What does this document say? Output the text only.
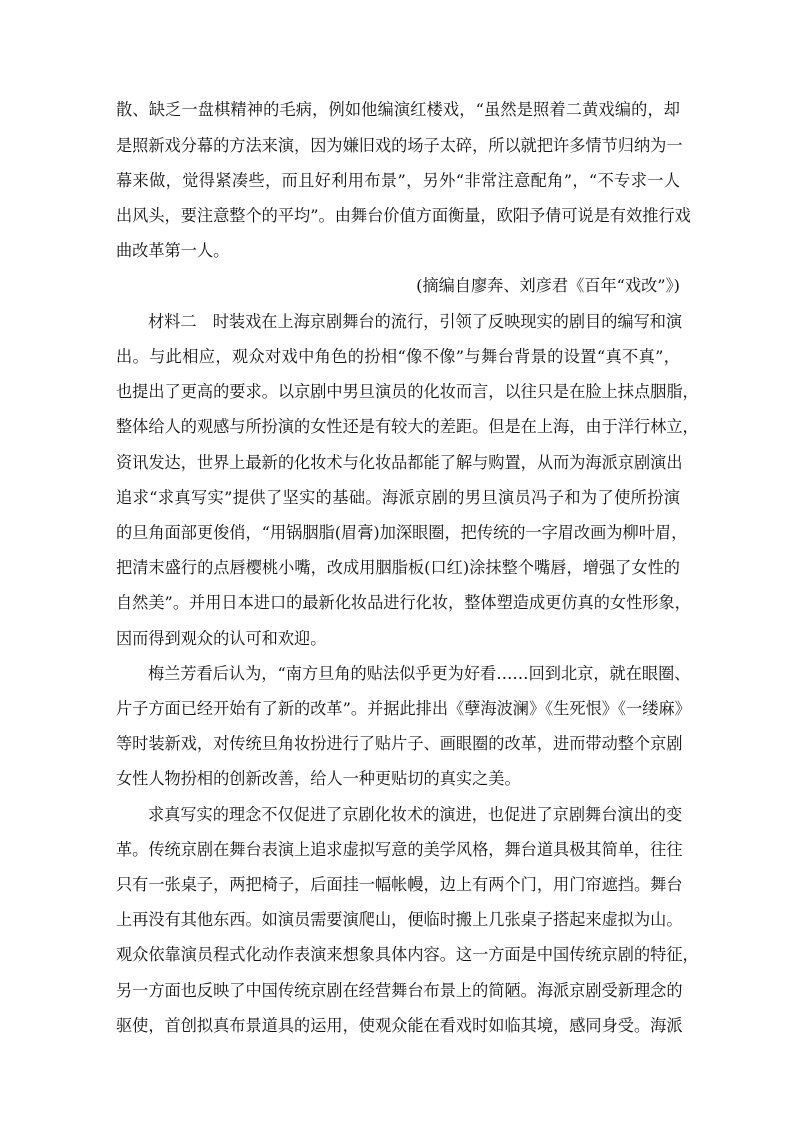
散、缺乏一盘棋精神的毛病，例如他编演红楼戏，“虽然是照着二黄戏编的，却
是照新戏分幕的方法来演，因为嫌旧戏的场子太碎，所以就把许多情节归纳为一
幕来做，觉得紧凑些，而且好利用布景”，另外“非常注意配角”，“不专求一人
出风头，要注意整个的平均”。由舞台价值方面衡量，欧阳予倩可说是有效推行戏
曲改革第一人。
(摘编自廖奔、刘彦君《百年“戏改”》)
材料二　时装戏在上海京剧舞台的流行，引领了反映现实的剧目的编写和演
出。与此相应，观众对戏中角色的扮相“像不像”与舞台背景的设置“真不真”，
也提出了更高的要求。以京剧中男旦演员的化妆而言，以往只是在脸上抹点胭脂，
整体给人的观感与所扮演的女性还是有较大的差距。但是在上海，由于洋行林立，
资讯发达，世界上最新的化妆术与化妆品都能了解与购置，从而为海派京剧演出
追求“求真写实”提供了坚实的基础。海派京剧的男旦演员冯子和为了使所扮演
的旦角面部更俊俏，“用锅胭脂(眉膏)加深眼圈，把传统的一字眉改画为柳叶眉，
把清末盛行的点唇樱桃小嘴，改成用胭脂板(口红)涂抹整个嘴唇，增强了女性的
自然美”。并用日本进口的最新化妆品进行化妆，整体塑造成更仿真的女性形象，
因而得到观众的认可和欢迎。
梅兰芳看后认为，“南方旦角的贴法似乎更为好看……回到北京，就在眼圈、
片子方面已经开始有了新的改革”。并据此排出《孽海波澜》《生死恨》《一缕麻》
等时装新戏，对传统旦角妆扮进行了贴片子、画眼圈的改革，进而带动整个京剧
女性人物扮相的创新改善，给人一种更贴切的真实之美。
求真写实的理念不仅促进了京剧化妆术的演进，也促进了京剧舞台演出的变
革。传统京剧在舞台表演上追求虚拟写意的美学风格，舞台道具极其简单，往往
只有一张桌子，两把椅子，后面挂一幅帐幔，边上有两个门，用门帘遮挡。舞台
上再没有其他东西。如演员需要演爬山，便临时搬上几张桌子搭起来虚拟为山。
观众依靠演员程式化动作表演来想象具体内容。这一方面是中国传统京剧的特征，
另一方面也反映了中国传统京剧在经营舞台布景上的简陋。海派京剧受新理念的
驱使，首创拟真布景道具的运用，使观众能在看戏时如临其境，感同身受。海派
